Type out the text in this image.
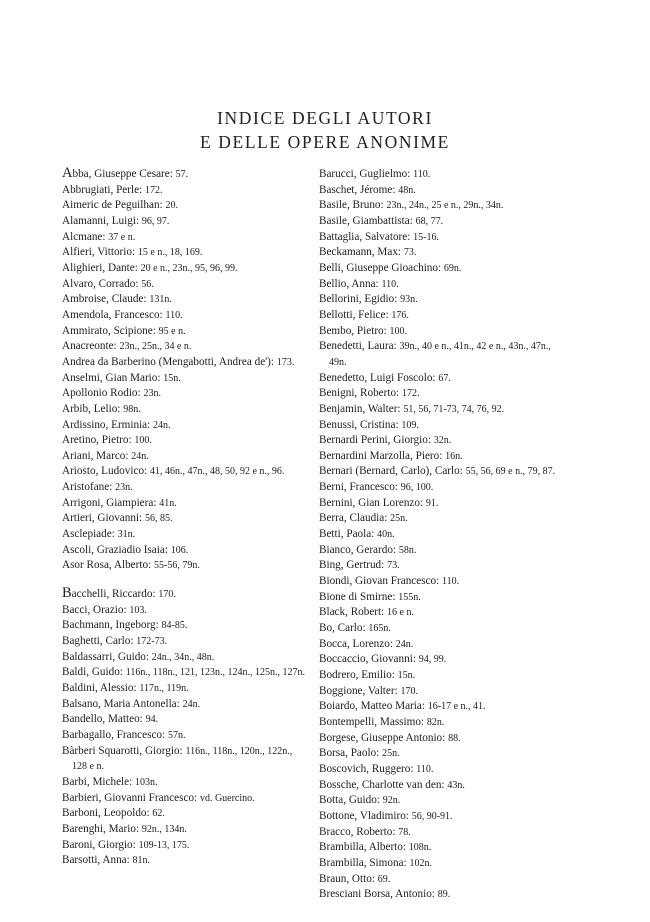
INDICE DEGLI AUTORI
E DELLE OPERE ANONIME
Abba, Giuseppe Cesare: 57.
Abbrugiati, Perle: 172.
Aimeric de Peguilhan: 20.
Alamanni, Luigi: 96, 97.
Alcmane: 37 e n.
Alfieri, Vittorio: 15 e n., 18, 169.
Alighieri, Dante: 20 e n., 23n., 95, 96, 99.
Alvaro, Corrado: 56.
Ambroise, Claude: 131n.
Amendola, Francesco: 110.
Ammirato, Scipione: 95 e n.
Anacreonte: 23n., 25n., 34 e n.
Andrea da Barberino (Mengabotti, Andrea de'): 173.
Anselmi, Gian Mario: 15n.
Apollonio Rodio: 23n.
Arbib, Lelio: 98n.
Ardissino, Erminia: 24n.
Aretino, Pietro: 100.
Ariani, Marco: 24n.
Ariosto, Ludovico: 41, 46n., 47n., 48, 50, 92 e n., 96.
Aristofane: 23n.
Arrigoni, Giampiera: 41n.
Artieri, Giovanni: 56, 85.
Asclepiade: 31n.
Ascoli, Graziadio Isaia: 106.
Asor Rosa, Alberto: 55-56, 79n.
Bacchelli, Riccardo: 170.
Bacci, Orazio: 103.
Bachmann, Ingeborg: 84-85.
Baghetti, Carlo: 172-73.
Baldassarri, Guido: 24n., 34n., 48n.
Baldi, Guido: 116n., 118n., 121, 123n., 124n., 125n., 127n.
Baldini, Alessio: 117n., 119n.
Balsano, Maria Antonella: 24n.
Bandello, Matteo: 94.
Barbagallo, Francesco: 57n.
Bàrberi Squarotti, Giorgio: 116n., 118n., 120n., 122n., 128 e n.
Barbi, Michele: 103n.
Barbieri, Giovanni Francesco: vd. Guercino.
Barboni, Leopoldo: 62.
Barenghi, Mario: 92n., 134n.
Baroni, Giorgio: 109-13, 175.
Barsotti, Anna: 81n.
Barucci, Guglielmo: 110.
Baschet, Jérome: 48n.
Basile, Bruno: 23n., 24n., 25 e n., 29n., 34n.
Basile, Giambattista: 68, 77.
Battaglia, Salvatore: 15-16.
Beckamann, Max: 73.
Belli, Giuseppe Gioachino: 69n.
Bellio, Anna: 110.
Bellorini, Egidio: 93n.
Bellotti, Felice: 176.
Bembo, Pietro: 100.
Benedetti, Laura: 39n., 40 e n., 41n., 42 e n., 43n., 47n., 49n.
Benedetto, Luigi Foscolo: 67.
Benigni, Roberto: 172.
Benjamin, Walter: 51, 56, 71-73, 74, 76, 92.
Benussi, Cristina: 109.
Bernardi Perini, Giorgio: 32n.
Bernardini Marzolla, Piero: 16n.
Bernari (Bernard, Carlo), Carlo: 55, 56, 69 e n., 79, 87.
Berni, Francesco: 96, 100.
Bernini, Gian Lorenzo: 91.
Berra, Claudia: 25n.
Betti, Paola: 40n.
Bianco, Gerardo: 58n.
Bing, Gertrud: 73.
Biondi, Giovan Francesco: 110.
Bione di Smirne: 155n.
Black, Robert: 16 e n.
Bo, Carlo: 165n.
Bocca, Lorenzo: 24n.
Boccaccio, Giovanni: 94, 99.
Bodrero, Emilio: 15n.
Boggione, Valter: 170.
Boiardo, Matteo Maria: 16-17 e n., 41.
Bontempelli, Massimo: 82n.
Borgese, Giuseppe Antonio: 88.
Borsa, Paolo: 25n.
Boscovich, Ruggero: 110.
Bossche, Charlotte van den: 43n.
Botta, Guido: 92n.
Bottone, Vladimiro: 56, 90-91.
Bracco, Roberto: 78.
Brambilla, Alberto: 108n.
Brambilla, Simona: 102n.
Braun, Otto: 69.
Bresciani Borsa, Antonio: 89.
